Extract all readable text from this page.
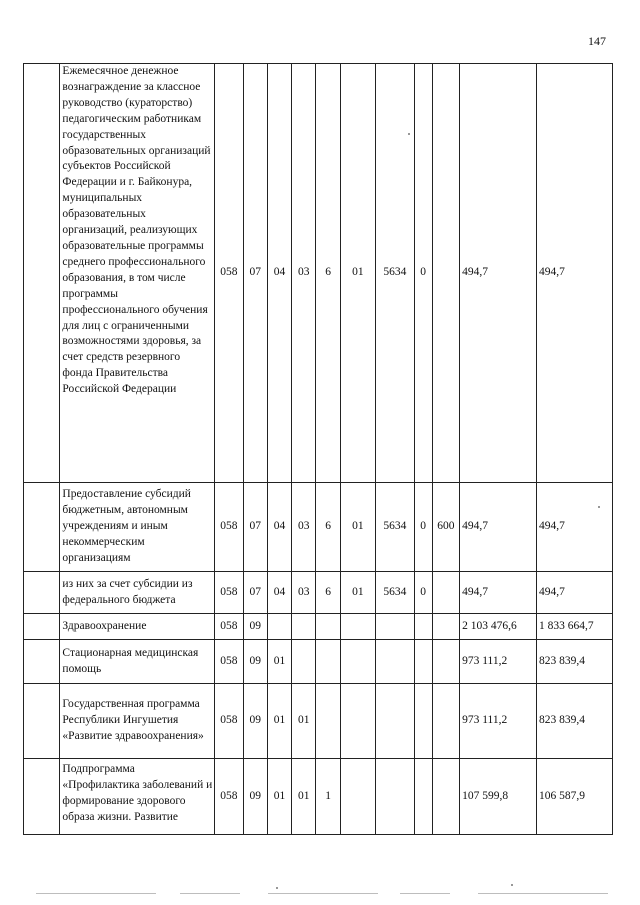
147
	Ежемесячное денежное вознаграждение за классное руководство (кураторство) педагогическим работникам государственных образовательных организаций субъектов Российской Федерации и г. Байконура, муниципальных образовательных организаций, реализующих образовательные программы среднего профессионального образования, в том числе программы профессионального обучения для лиц с ограниченными возможностями здоровья, за счет средств резервного фонда Правительства Российской Федерации	058	07	04	03	6	01	5634	0		494,7	494,7
	Предоставление субсидий бюджетным, автономным учреждениям и иным некоммерческим организациям	058	07	04	03	6	01	5634	0	600	494,7	494,7
	из них за счет субсидии из федерального бюджета	058	07	04	03	6	01	5634	0		494,7	494,7
	Здравоохранение	058	09								2 103 476,6	1 833 664,7
	Стационарная медицинская помощь	058	09	01							973 111,2	823 839,4
	Государственная программа Республики Ингушетия «Развитие здравоохранения»	058	09	01	01						973 111,2	823 839,4
	Подпрограмма «Профилактика заболеваний и формирование здорового образа жизни. Развитие	058	09	01	01	1					107 599,8	106 587,9
